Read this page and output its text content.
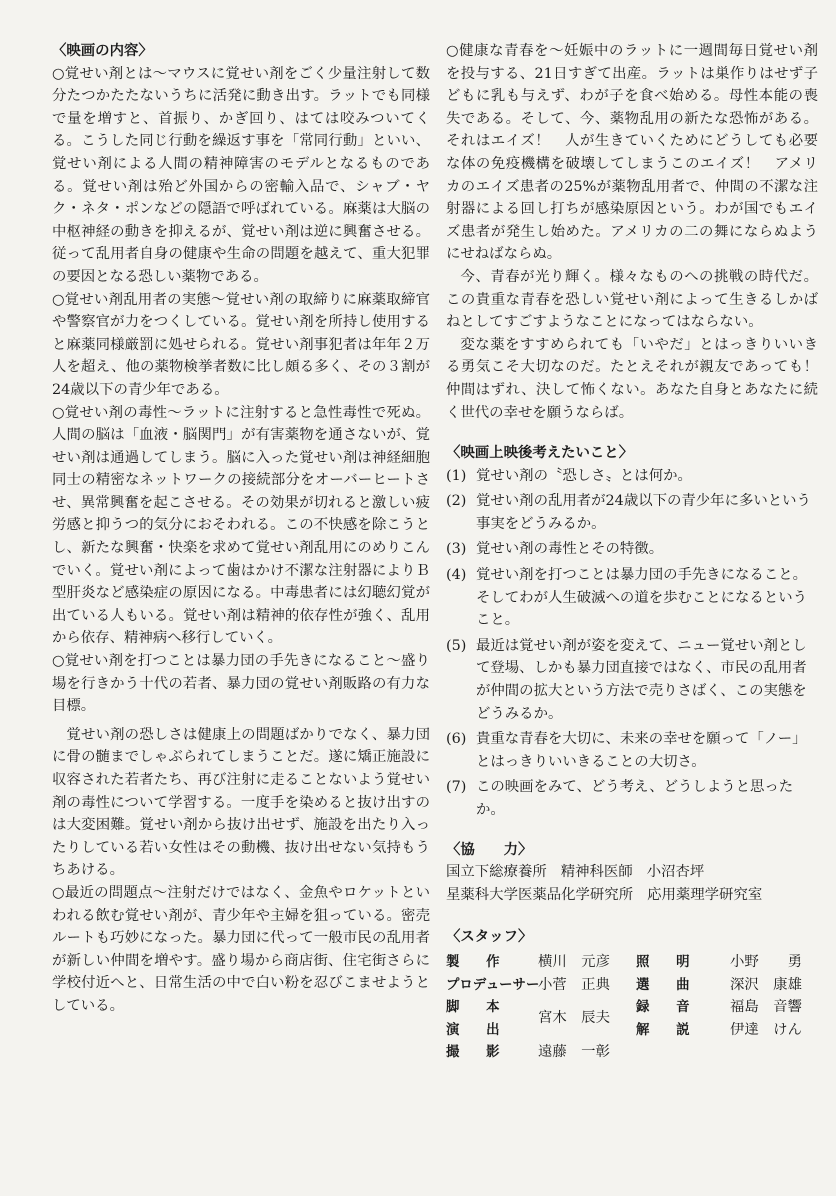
〈映画の内容〉

○覚せい剤とは～マウスに覚せい剤をごく少量注射して数分たつかたたないうちに活発に動き出す。ラットでも同様で量を増すと、首振り、かぎ回り、はては咬みついてくる。こうした同じ行動を繰返す事を「常同行動」といい、覚せい剤による人間の精神障害のモデルとなるものである。覚せい剤は殆ど外国からの密輸入品で、シャブ・ヤク・ネタ・ポンなどの隠語で呼ばれている。麻薬は大脳の中枢神経の動きを抑えるが、覚せい剤は逆に興奮させる。従って乱用者自身の健康や生命の問題を越えて、重大犯罪の要因となる恐しい薬物である。

○覚せい剤乱用者の実態～覚せい剤の取締りに麻薬取締官や警察官が力をつくしている。覚せい剤を所持し使用すると麻薬同様厳罰に処せられる。覚せい剤事犯者は年年２万人を超え、他の薬物検挙者数に比し頗る多く、その３割が24歳以下の青少年である。

○覚せい剤の毒性～ラットに注射すると急性毒性で死ぬ。人間の脳は「血液・脳関門」が有害薬物を通さないが、覚せい剤は通過してしまう。脳に入った覚せい剤は神経細胞同士の精密なネットワークの接続部分をオーバーヒートさせ、異常興奮を起こさせる。その効果が切れると激しい疲労感と抑うつ的気分におそわれる。この不快感を除こうとし、新たな興奮・快楽を求めて覚せい剤乱用にのめりこんでいく。覚せい剤によって歯はかけ不潔な注射器によりＢ型肝炎など感染症の原因になる。中毒患者には幻聴幻覚が出ている人もいる。覚せい剤は精神的依存性が強く、乱用から依存、精神病へ移行していく。

○覚せい剤を打つことは暴力団の手先きになること～盛り場を行きかう十代の若者、暴力団の覚せい剤販路の有力な目標。

覚せい剤の恐しさは健康上の問題ばかりでなく、暴力団に骨の髄までしゃぶられてしまうことだ。遂に矯正施設に収容された若者たち、再び注射に走ることないよう覚せい剤の毒性について学習する。一度手を染めると抜け出すのは大変困難。覚せい剤から抜け出せず、施設を出たり入ったりしている若い女性はその動機、抜け出せない気持もうちあける。

○最近の問題点～注射だけではなく、金魚やロケットといわれる飲む覚せい剤が、青少年や主婦を狙っている。密売ルートも巧妙になった。暴力団に代って一般市民の乱用者が新しい仲間を増やす。盛り場から商店街、住宅街さらに学校付近へと、日常生活の中で白い粉を忍びこませようとしている。

○健康な青春を～妊娠中のラットに一週間毎日覚せい剤を投与する、21日すぎて出産。ラットは巣作りはせず子どもに乳も与えず、わが子を食べ始める。母性本能の喪失である。そして、今、薬物乱用の新たな恐怖がある。それはエイズ！　人が生きていくためにどうしても必要な体の免疫機構を破壊してしまうこのエイズ！　アメリカのエイズ患者の25%が薬物乱用者で、仲間の不潔な注射器による回し打ちが感染原因という。わが国でもエイズ患者が発生し始めた。アメリカの二の舞にならぬようにせねばならぬ。

今、青春が光り輝く。様々なものへの挑戦の時代だ。この貴重な青春を恐しい覚せい剤によって生きるしかばねとしてすごすようなことになってはならない。

変な薬をすすめられても「いやだ」とはっきりいいきる勇気こそ大切なのだ。たとえそれが親友であっても！仲間はずれ、決して怖くない。あなた自身とあなたに続く世代の幸せを願うならば。

〈映画上映後考えたいこと〉

(1) 覚せい剤の〝恐しさ〟とは何か。
(2) 覚せい剤の乱用者が24歳以下の青少年に多いという事実をどうみるか。
(3) 覚せい剤の毒性とその特徴。
(4) 覚せい剤を打つことは暴力団の手先きになること。そしてわが人生破滅への道を歩むことになるということ。
(5) 最近は覚せい剤が姿を変えて、ニュー覚せい剤として登場、しかも暴力団直接ではなく、市民の乱用者が仲間の拡大という方法で売りさばく、この実態をどうみるか。
(6) 貴重な青春を大切に、未来の幸せを願って「ノー」とはっきりいいきることの大切さ。
(7) この映画をみて、どう考え、どうしようと思ったか。

〈協　　力〉

国立下総療養所 精神科医師 小沼杏坪

星薬科大学医薬品化学研究所 応用薬理学研究室

〈スタッフ〉

製　　作
プロデューサー
脚　　本
演　　出
撮　　影
横川　元彦
小菅　正典
宮木　辰夫
遠藤　一彰
照　　明
選　　曲
録　　音
解　　説
小野　　勇
深沢　康雄
福島　音響
伊達　けん
